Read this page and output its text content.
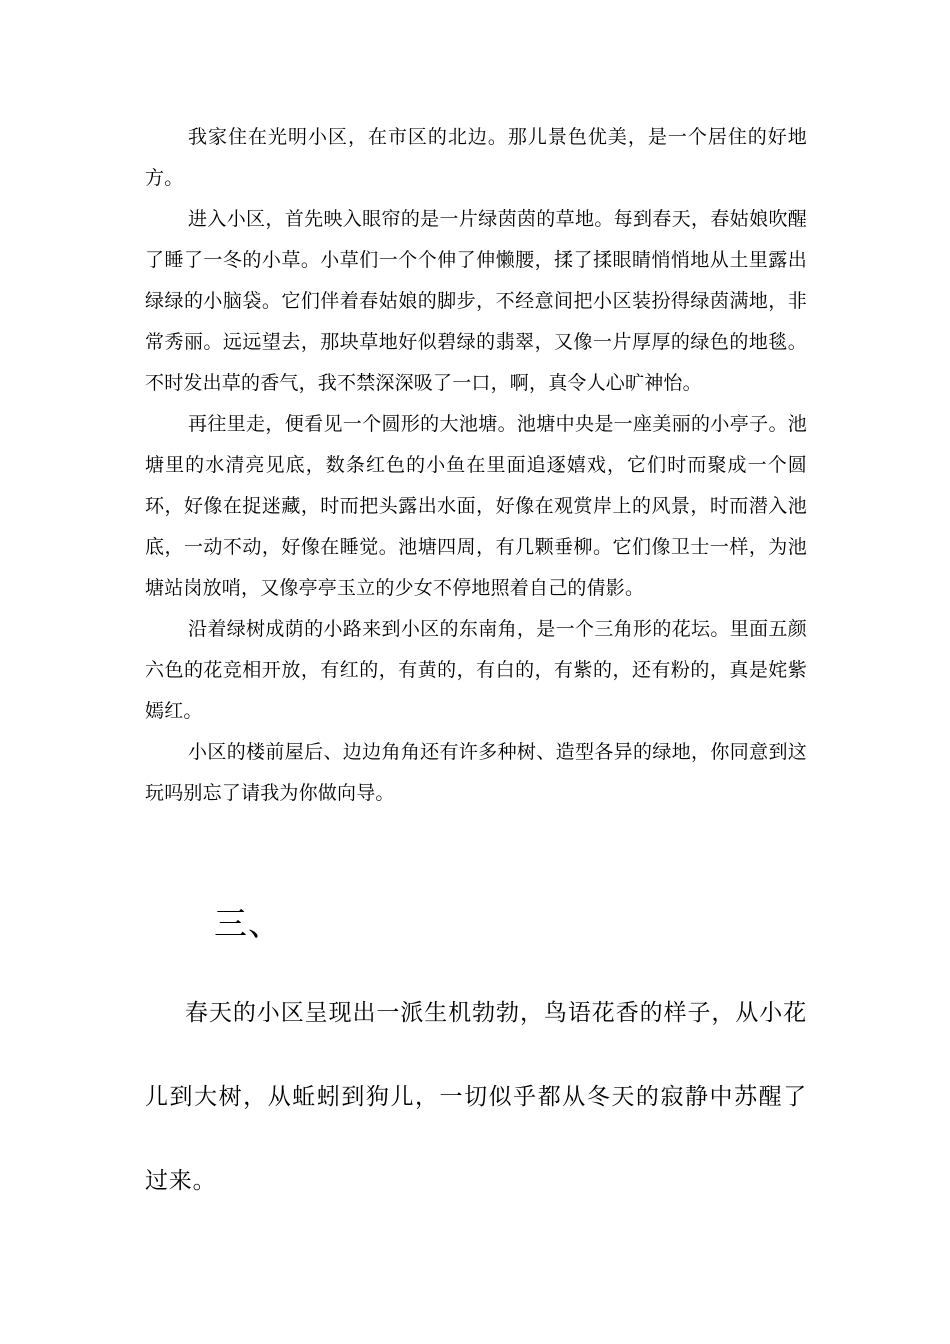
我家住在光明小区，在市区的北边。那儿景色优美，是一个居住的好地方。

进入小区，首先映入眼帘的是一片绿茵茵的草地。每到春天，春姑娘吹醒了睡了一冬的小草。小草们一个个伸了伸懒腰，揉了揉眼睛悄悄地从土里露出绿绿的小脑袋。它们伴着春姑娘的脚步，不经意间把小区装扮得绿茵满地，非常秀丽。远远望去，那块草地好似碧绿的翡翠，又像一片厚厚的绿色的地毯。不时发出草的香气，我不禁深深吸了一口，啊，真令人心旷神怡。

再往里走，便看见一个圆形的大池塘。池塘中央是一座美丽的小亭子。池塘里的水清亮见底，数条红色的小鱼在里面追逐嬉戏，它们时而聚成一个圆环，好像在捉迷藏，时而把头露出水面，好像在观赏岸上的风景，时而潜入池底，一动不动，好像在睡觉。池塘四周，有几颗垂柳。它们像卫士一样，为池塘站岗放哨，又像亭亭玉立的少女不停地照着自己的倩影。

沿着绿树成荫的小路来到小区的东南角，是一个三角形的花坛。里面五颜六色的花竞相开放，有红的，有黄的，有白的，有紫的，还有粉的，真是姹紫嫣红。

小区的楼前屋后、边边角角还有许多种树、造型各异的绿地，你同意到这玩吗别忘了请我为你做向导。

三、

春天的小区呈现出一派生机勃勃，鸟语花香的样子，从小花儿到大树，从蚯蚓到狗儿，一切似乎都从冬天的寂静中苏醒了过来。
